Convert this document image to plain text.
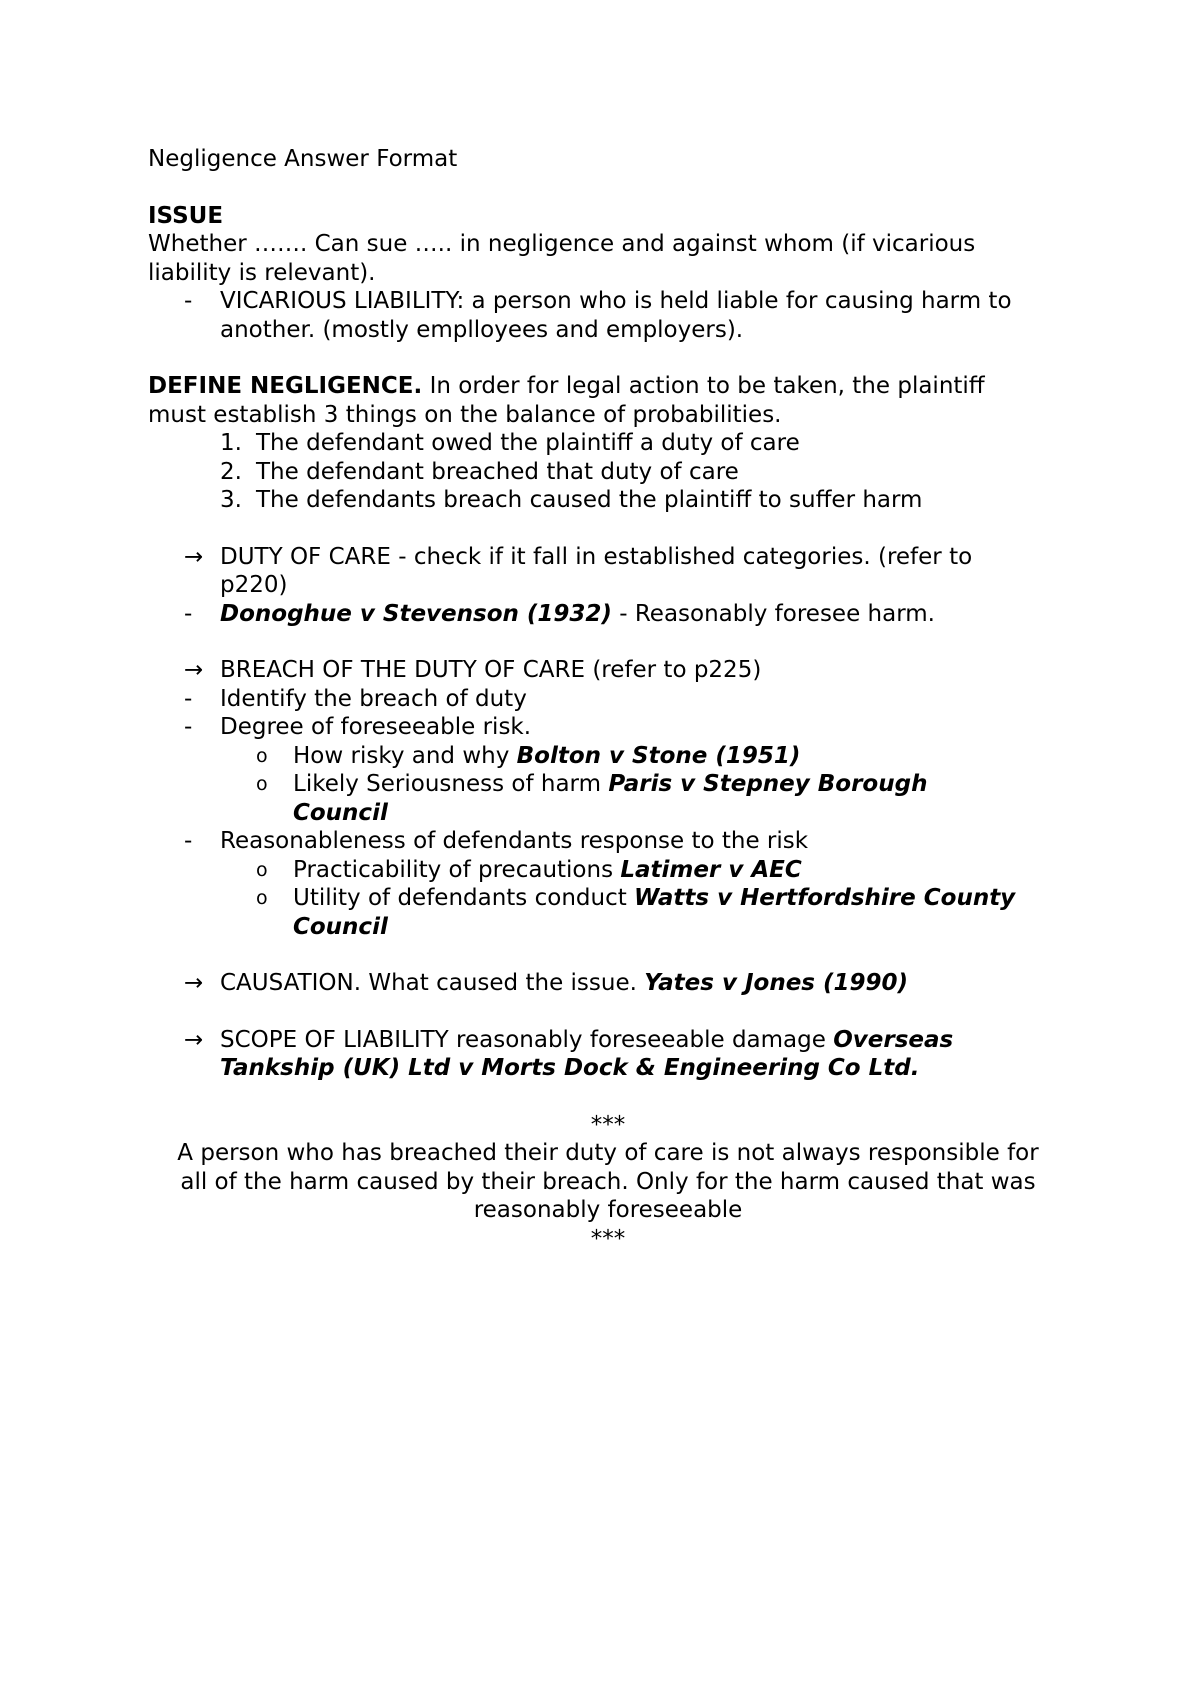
Negligence Answer Format
ISSUE
Whether ……. Can sue ….. in negligence and against whom (if vicarious
liability is relevant).
- VICARIOUS LIABILITY: a person who is held liable for causing harm to
another. (mostly emplloyees and employers).
DEFINE NEGLIGENCE. In order for legal action to be taken, the plaintiff
must establish 3 things on the balance of probabilities.
1. The defendant owed the plaintiff a duty of care
2. The defendant breached that duty of care
3. The defendants breach caused the plaintiff to suffer harm
→ DUTY OF CARE - check if it fall in established categories. (refer to
p220)
- Donoghue v Stevenson (1932) - Reasonably foresee harm.
→ BREACH OF THE DUTY OF CARE (refer to p225)
- Identify the breach of duty
- Degree of foreseeable risk.
o How risky and why Bolton v Stone (1951)
o Likely Seriousness of harm Paris v Stepney Borough
Council
- Reasonableness of defendants response to the risk
o Practicability of precautions Latimer v AEC
o Utility of defendants conduct Watts v Hertfordshire County
Council
→ CAUSATION. What caused the issue. Yates v Jones (1990)
→ SCOPE OF LIABILITY reasonably foreseeable damage Overseas
Tankship (UK) Ltd v Morts Dock & Engineering Co Ltd.
***
A person who has breached their duty of care is not always responsible for
all of the harm caused by their breach. Only for the harm caused that was
reasonably foreseeable
***
